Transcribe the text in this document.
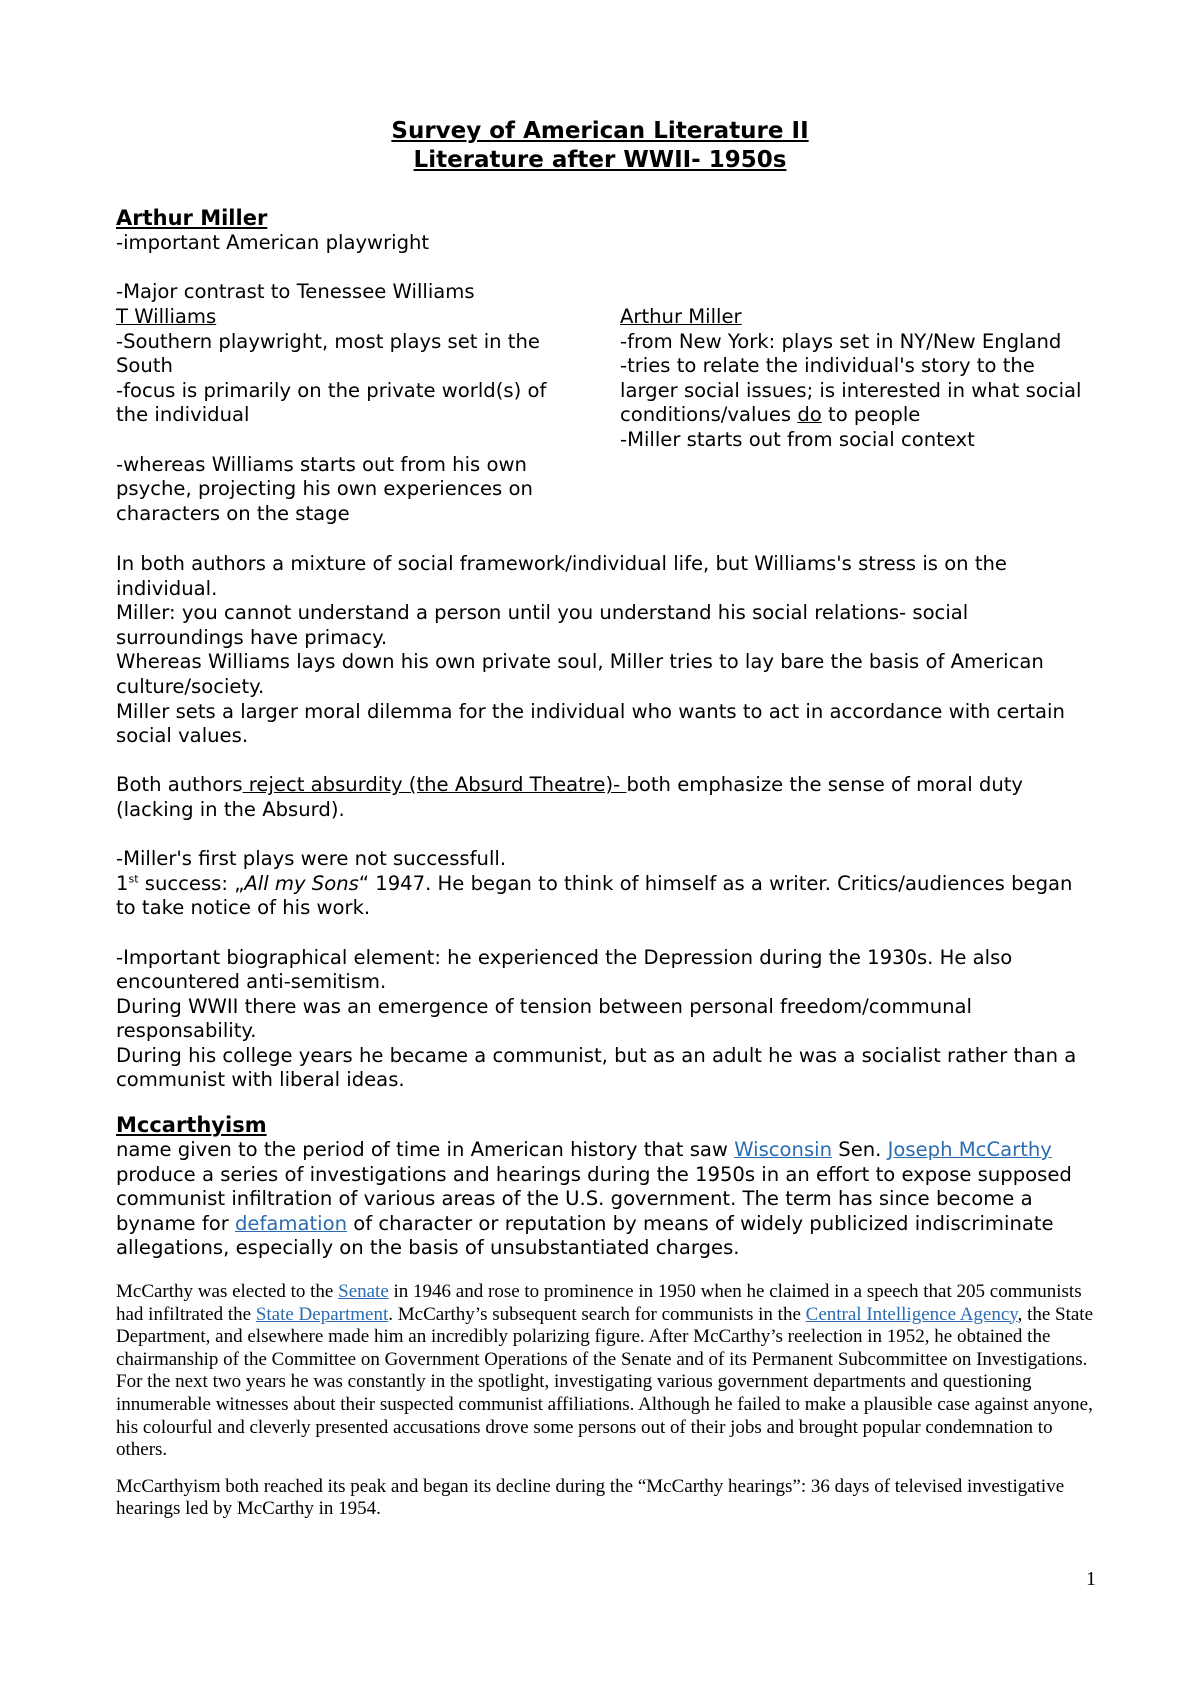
Survey of American Literature II
Literature after WWII- 1950s
Arthur Miller

-important American playwright

-Major contrast to Tenessee Williams

T Williams

-Southern playwright, most plays set in the South

-focus is primarily on the private world(s) of the individual

-whereas Williams starts out from his own psyche, projecting his own experiences on characters on the stage

Arthur Miller

-from New York: plays set in NY/New England

-tries to relate the individual's story to the larger social issues; is interested in what social conditions/values do to people

-Miller starts out from social context

In both authors a mixture of social framework/individual life, but Williams's stress is on the individual.

Miller: you cannot understand a person until you understand his social relations- social surroundings have primacy.

Whereas Williams lays down his own private soul, Miller tries to lay bare the basis of American culture/society.

Miller sets a larger moral dilemma for the individual who wants to act in accordance with certain social values.

Both authors reject absurdity (the Absurd Theatre)- both emphasize the sense of moral duty (lacking in the Absurd).

-Miller's first plays were not successfull.

1st success: „All my Sons“ 1947. He began to think of himself as a writer. Critics/audiences began to take notice of his work.

-Important biographical element: he experienced the Depression during the 1930s. He also encountered anti-semitism.

During WWII there was an emergence of tension between personal freedom/communal responsability.

During his college years he became a communist, but as an adult he was a socialist rather than a communist with liberal ideas.

Mccarthyism

name given to the period of time in American history that saw Wisconsin Sen. Joseph McCarthy produce a series of investigations and hearings during the 1950s in an effort to expose supposed communist infiltration of various areas of the U.S. government. The term has since become a byname for defamation of character or reputation by means of widely publicized indiscriminate allegations, especially on the basis of unsubstantiated charges.

McCarthy was elected to the Senate in 1946 and rose to prominence in 1950 when he claimed in a speech that 205 communists had infiltrated the State Department. McCarthy’s subsequent search for communists in the Central Intelligence Agency, the State Department, and elsewhere made him an incredibly polarizing figure. After McCarthy’s reelection in 1952, he obtained the chairmanship of the Committee on Government Operations of the Senate and of its Permanent Subcommittee on Investigations. For the next two years he was constantly in the spotlight, investigating various government departments and questioning innumerable witnesses about their suspected communist affiliations. Although he failed to make a plausible case against anyone, his colourful and cleverly presented accusations drove some persons out of their jobs and brought popular condemnation to others.

McCarthyism both reached its peak and began its decline during the “McCarthy hearings”: 36 days of televised investigative hearings led by McCarthy in 1954.

1
